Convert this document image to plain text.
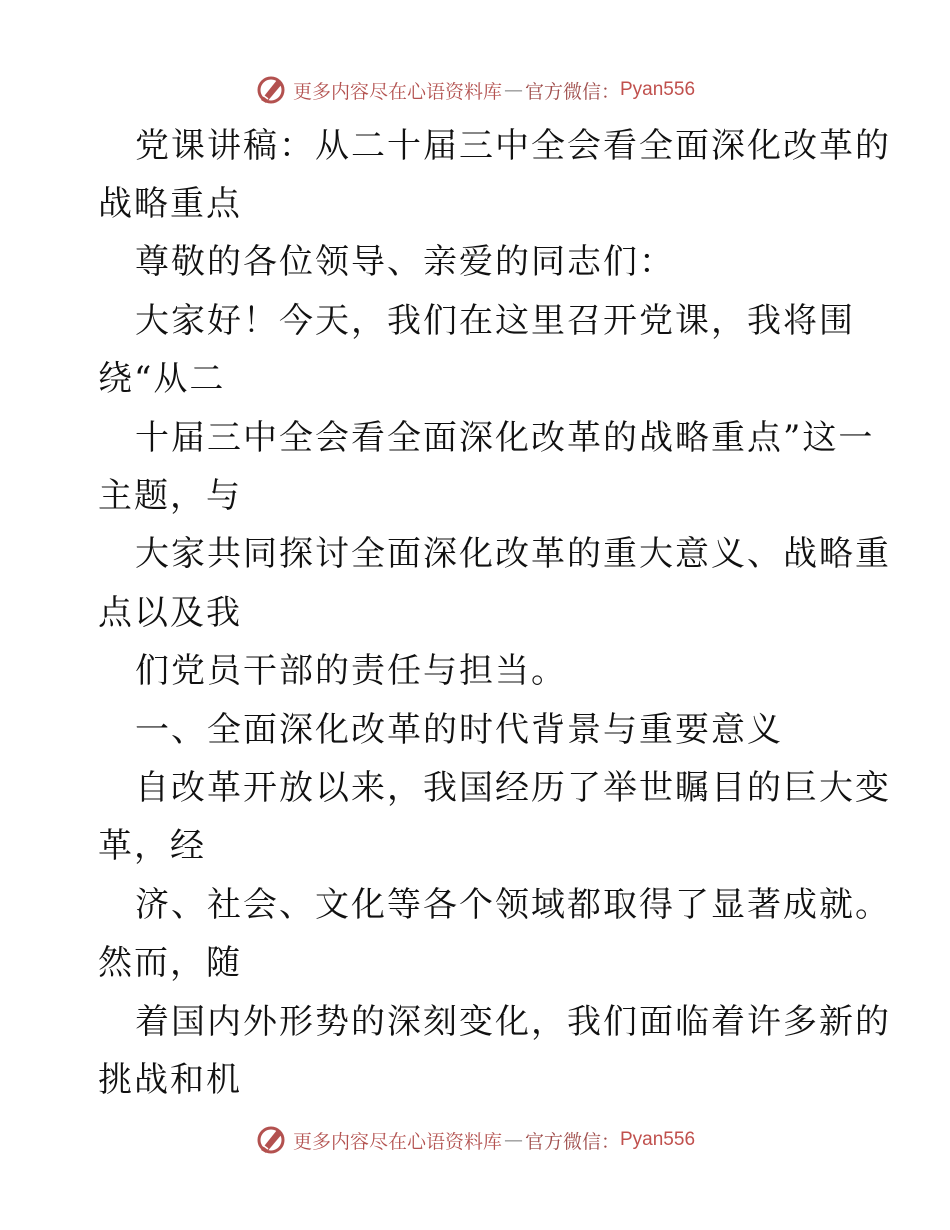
更多内容尽在心语资料库 — 官方微信： Pyan556
党课讲稿：从二十届三中全会看全面深化改革的
战略重点
尊敬的各位领导、亲爱的同志们：
大家好！今天，我们在这里召开党课，我将围
绕“从二
十届三中全会看全面深化改革的战略重点”这一
主题，与
大家共同探讨全面深化改革的重大意义、战略重
点以及我
们党员干部的责任与担当。
一、全面深化改革的时代背景与重要意义
自改革开放以来，我国经历了举世瞩目的巨大变
革，经
济、社会、文化等各个领域都取得了显著成就。
然而，随
着国内外形势的深刻变化，我们面临着许多新的
挑战和机
更多内容尽在心语资料库 — 官方微信： Pyan556
